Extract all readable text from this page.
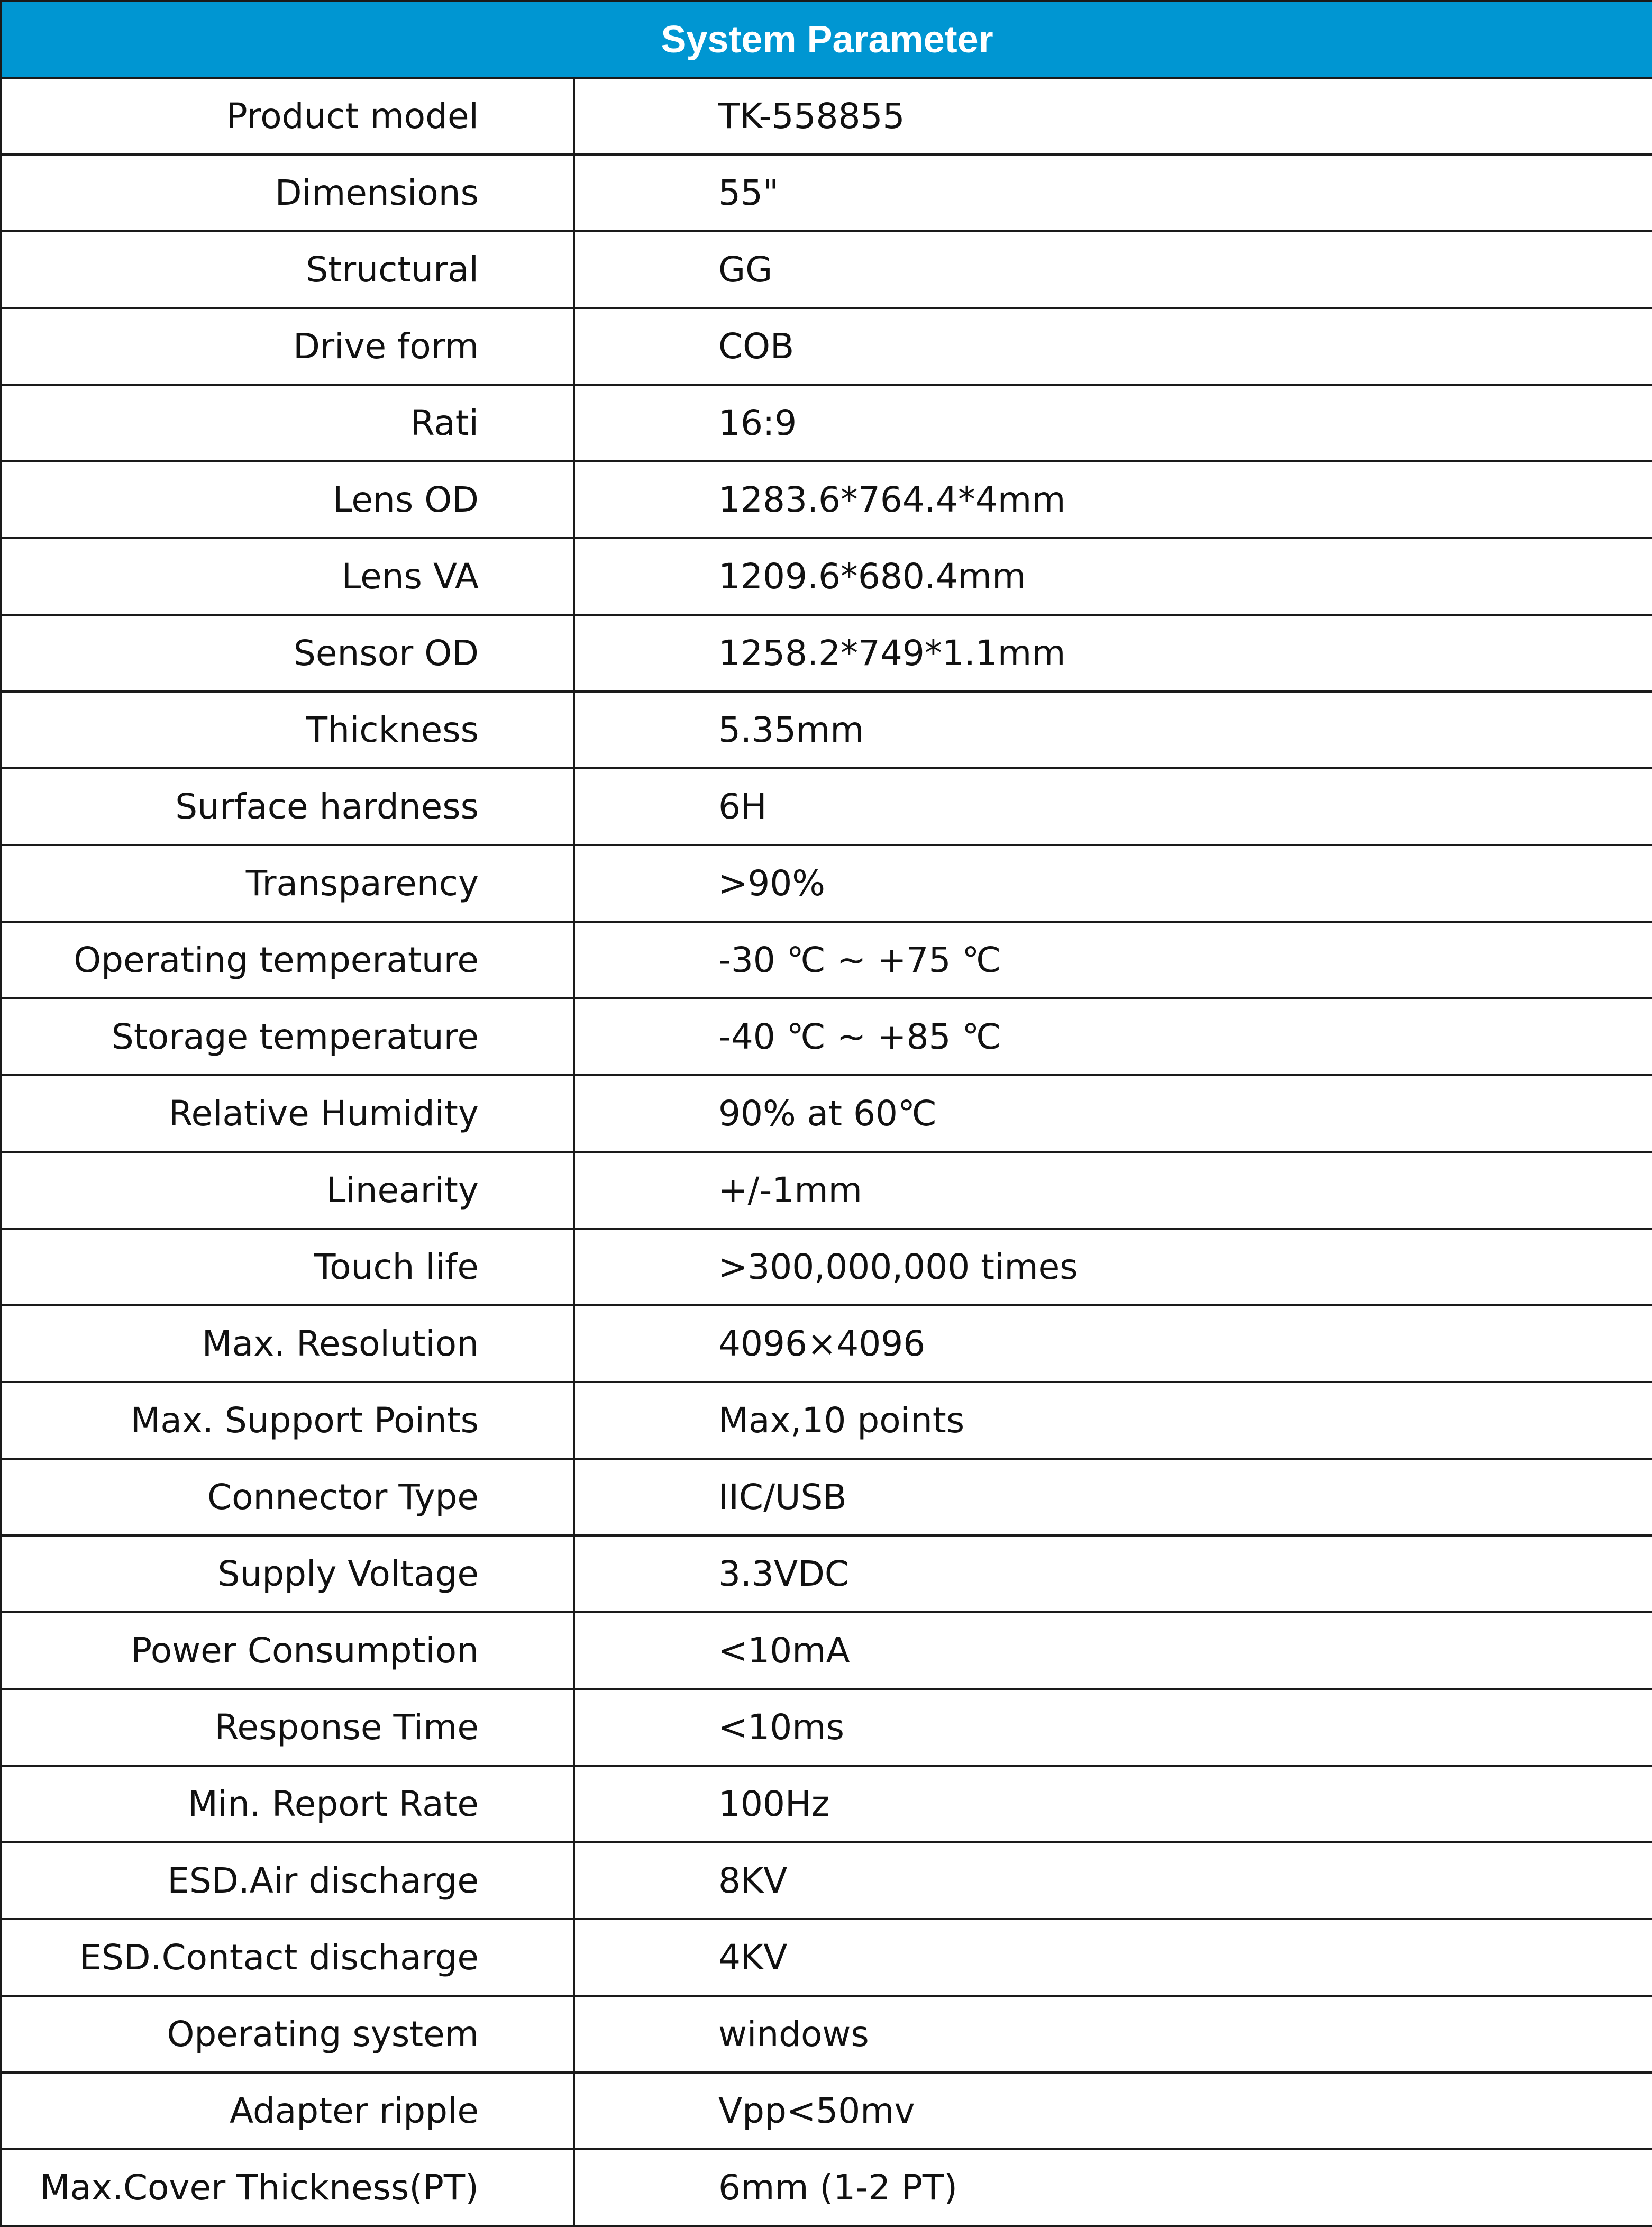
System Parameter	
Product model	TK-558855
Dimensions	55"
Structural	GG
Drive form	COB
Rati	16:9
Lens OD	1283.6*764.4*4mm
Lens VA	1209.6*680.4mm
Sensor OD	1258.2*749*1.1mm
Thickness	5.35mm
Surface hardness	6H
Transparency	>90%
Operating temperature	-30 ℃ ~ +75 ℃
Storage temperature	-40 ℃ ~ +85 ℃
Relative Humidity	90% at 60℃
Linearity	+/-1mm
Touch life	>300,000,000 times
Max. Resolution	4096×4096
Max. Support Points	Max,10 points
Connector Type	IIC/USB
Supply Voltage	3.3VDC
Power Consumption	<10mA
Response Time	<10ms
Min. Report Rate	100Hz
ESD.Air discharge	8KV
ESD.Contact discharge	4KV
Operating system	windows
Adapter ripple	Vpp<50mv
Max.Cover Thickness(PT)	6mm (1-2 PT)
